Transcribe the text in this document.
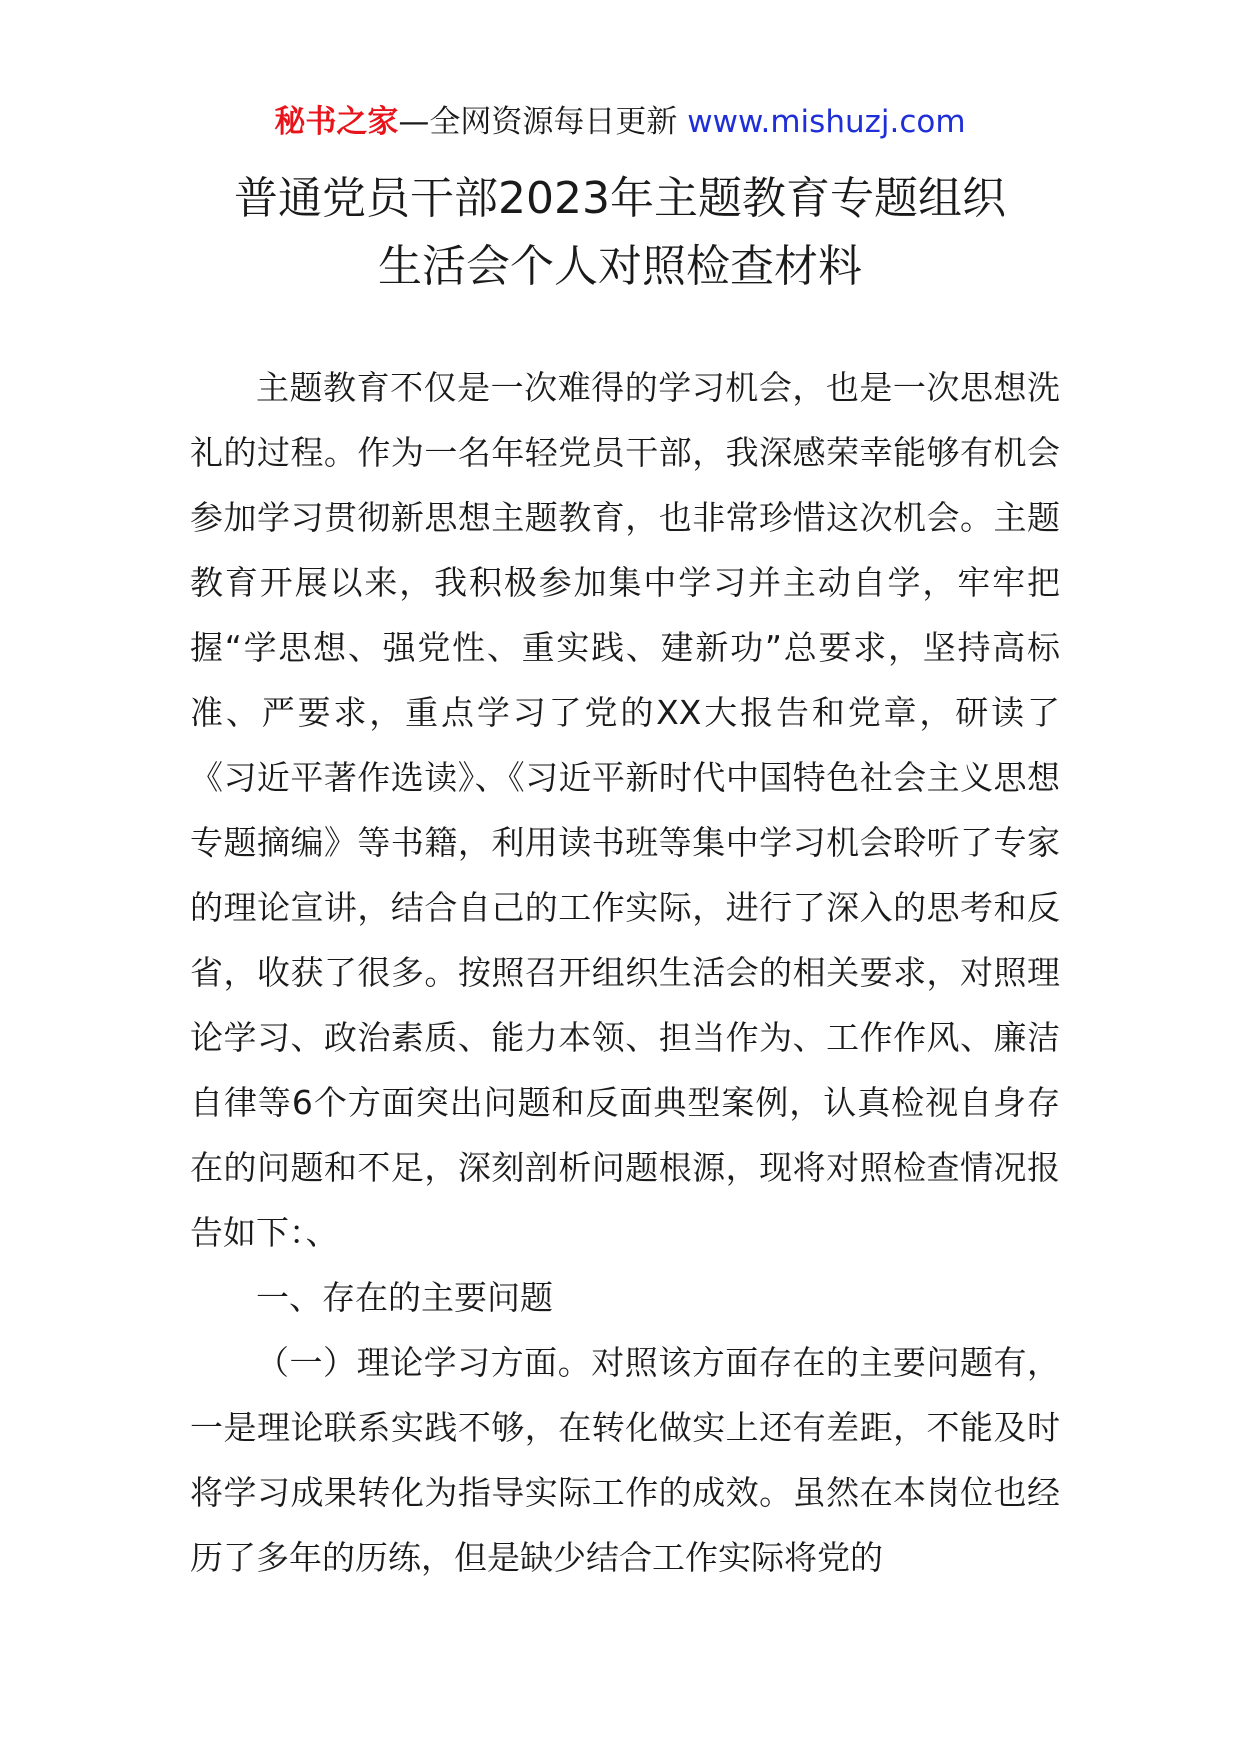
秘书之家—全网资源每日更新 www.mishuzj.com
普通党员干部2023年主题教育专题组织
生活会个人对照检查材料

主题教育不仅是一次难得的学习机会，也是一次思想洗礼的过程。作为一名年轻党员干部，我深感荣幸能够有机会参加学习贯彻新思想主题教育，也非常珍惜这次机会。主题教育开展以来，我积极参加集中学习并主动自学，牢牢把握“学思想、强党性、重实践、建新功”总要求，坚持高标准、严要求，重点学习了党的XX大报告和党章，研读了《习近平著作选读》、《习近平新时代中国特色社会主义思想专题摘编》等书籍，利用读书班等集中学习机会聆听了专家的理论宣讲，结合自己的工作实际，进行了深入的思考和反省，收获了很多。按照召开组织生活会的相关要求，对照理论学习、政治素质、能力本领、担当作为、工作作风、廉洁自律等6个方面突出问题和反面典型案例，认真检视自身存在的问题和不足，深刻剖析问题根源，现将对照检查情况报告如下：、

一、存在的主要问题

（一）理论学习方面。对照该方面存在的主要问题有，一是理论联系实践不够，在转化做实上还有差距，不能及时将学习成果转化为指导实际工作的成效。虽然在本岗位也经历了多年的历练，但是缺少结合工作实际将党的
